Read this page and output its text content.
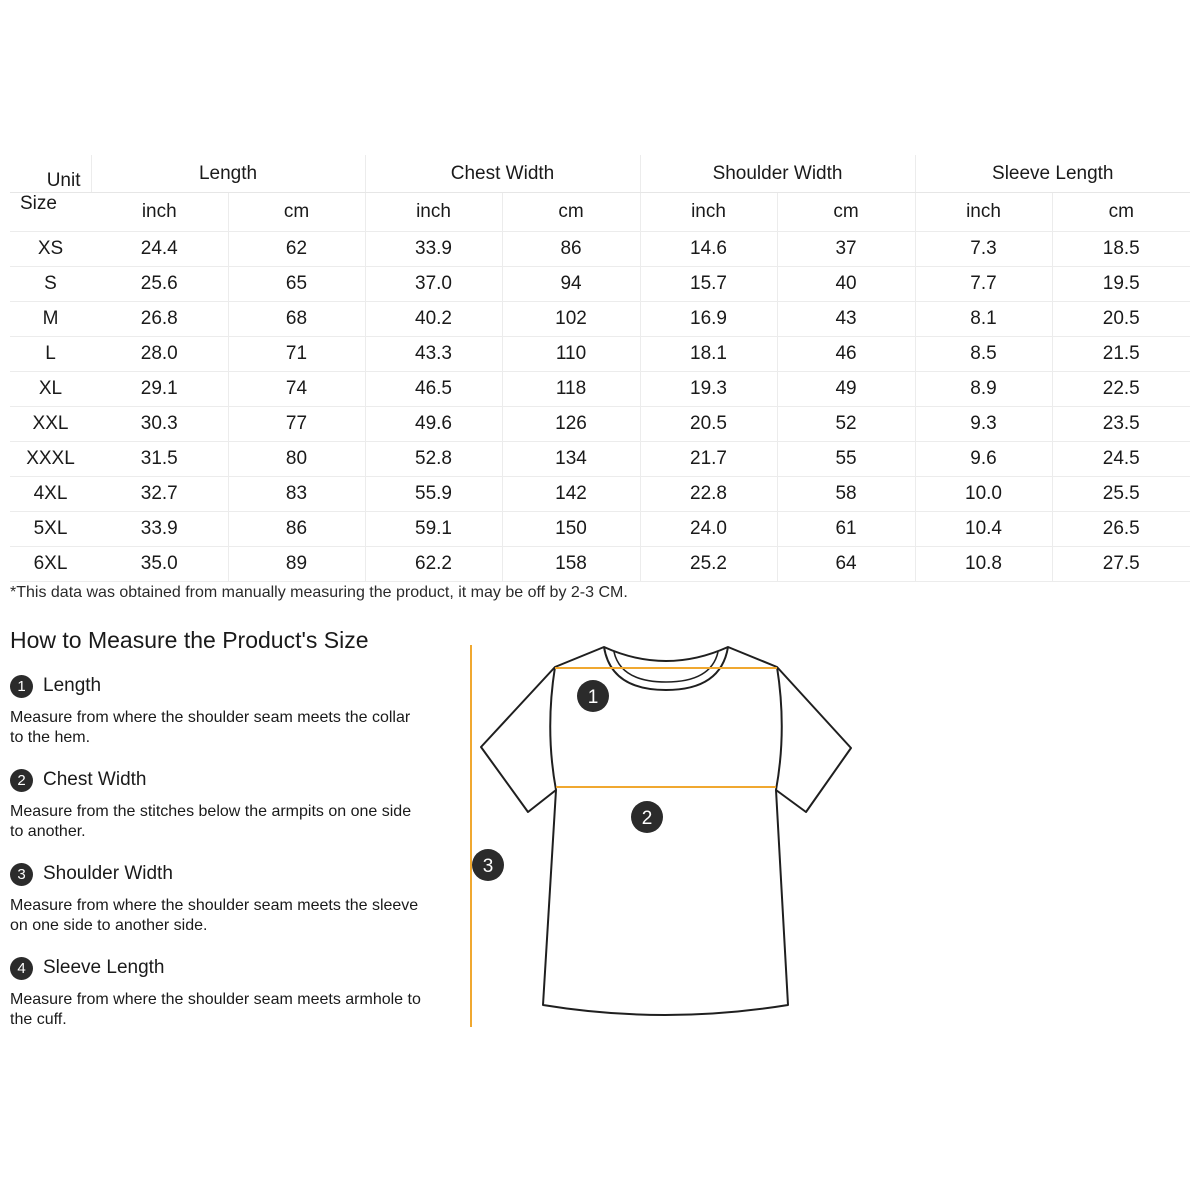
Unit	Length		Chest Width		Shoulder Width		Sleeve Length	
Size	inch	cm	inch	cm	inch	cm	inch	cm
XS	24.4	62	33.9	86	14.6	37	7.3	18.5
S	25.6	65	37.0	94	15.7	40	7.7	19.5
M	26.8	68	40.2	102	16.9	43	8.1	20.5
L	28.0	71	43.3	110	18.1	46	8.5	21.5
XL	29.1	74	46.5	118	19.3	49	8.9	22.5
XXL	30.3	77	49.6	126	20.5	52	9.3	23.5
XXXL	31.5	80	52.8	134	21.7	55	9.6	24.5
4XL	32.7	83	55.9	142	22.8	58	10.0	25.5
5XL	33.9	86	59.1	150	24.0	61	10.4	26.5
6XL	35.0	89	62.2	158	25.2	64	10.8	27.5
*This data was obtained from manually measuring the product, it may be off by 2-3 CM.
How to Measure the Product's Size
1 Length
Measure from where the shoulder seam meets the collar to the hem.
2 Chest Width
Measure from the stitches below the armpits on one side to another.
3 Shoulder Width
Measure from where the shoulder seam meets the sleeve on one side to another side.
4 Sleeve Length
Measure from where the shoulder seam meets armhole to the cuff.
1
2
3
